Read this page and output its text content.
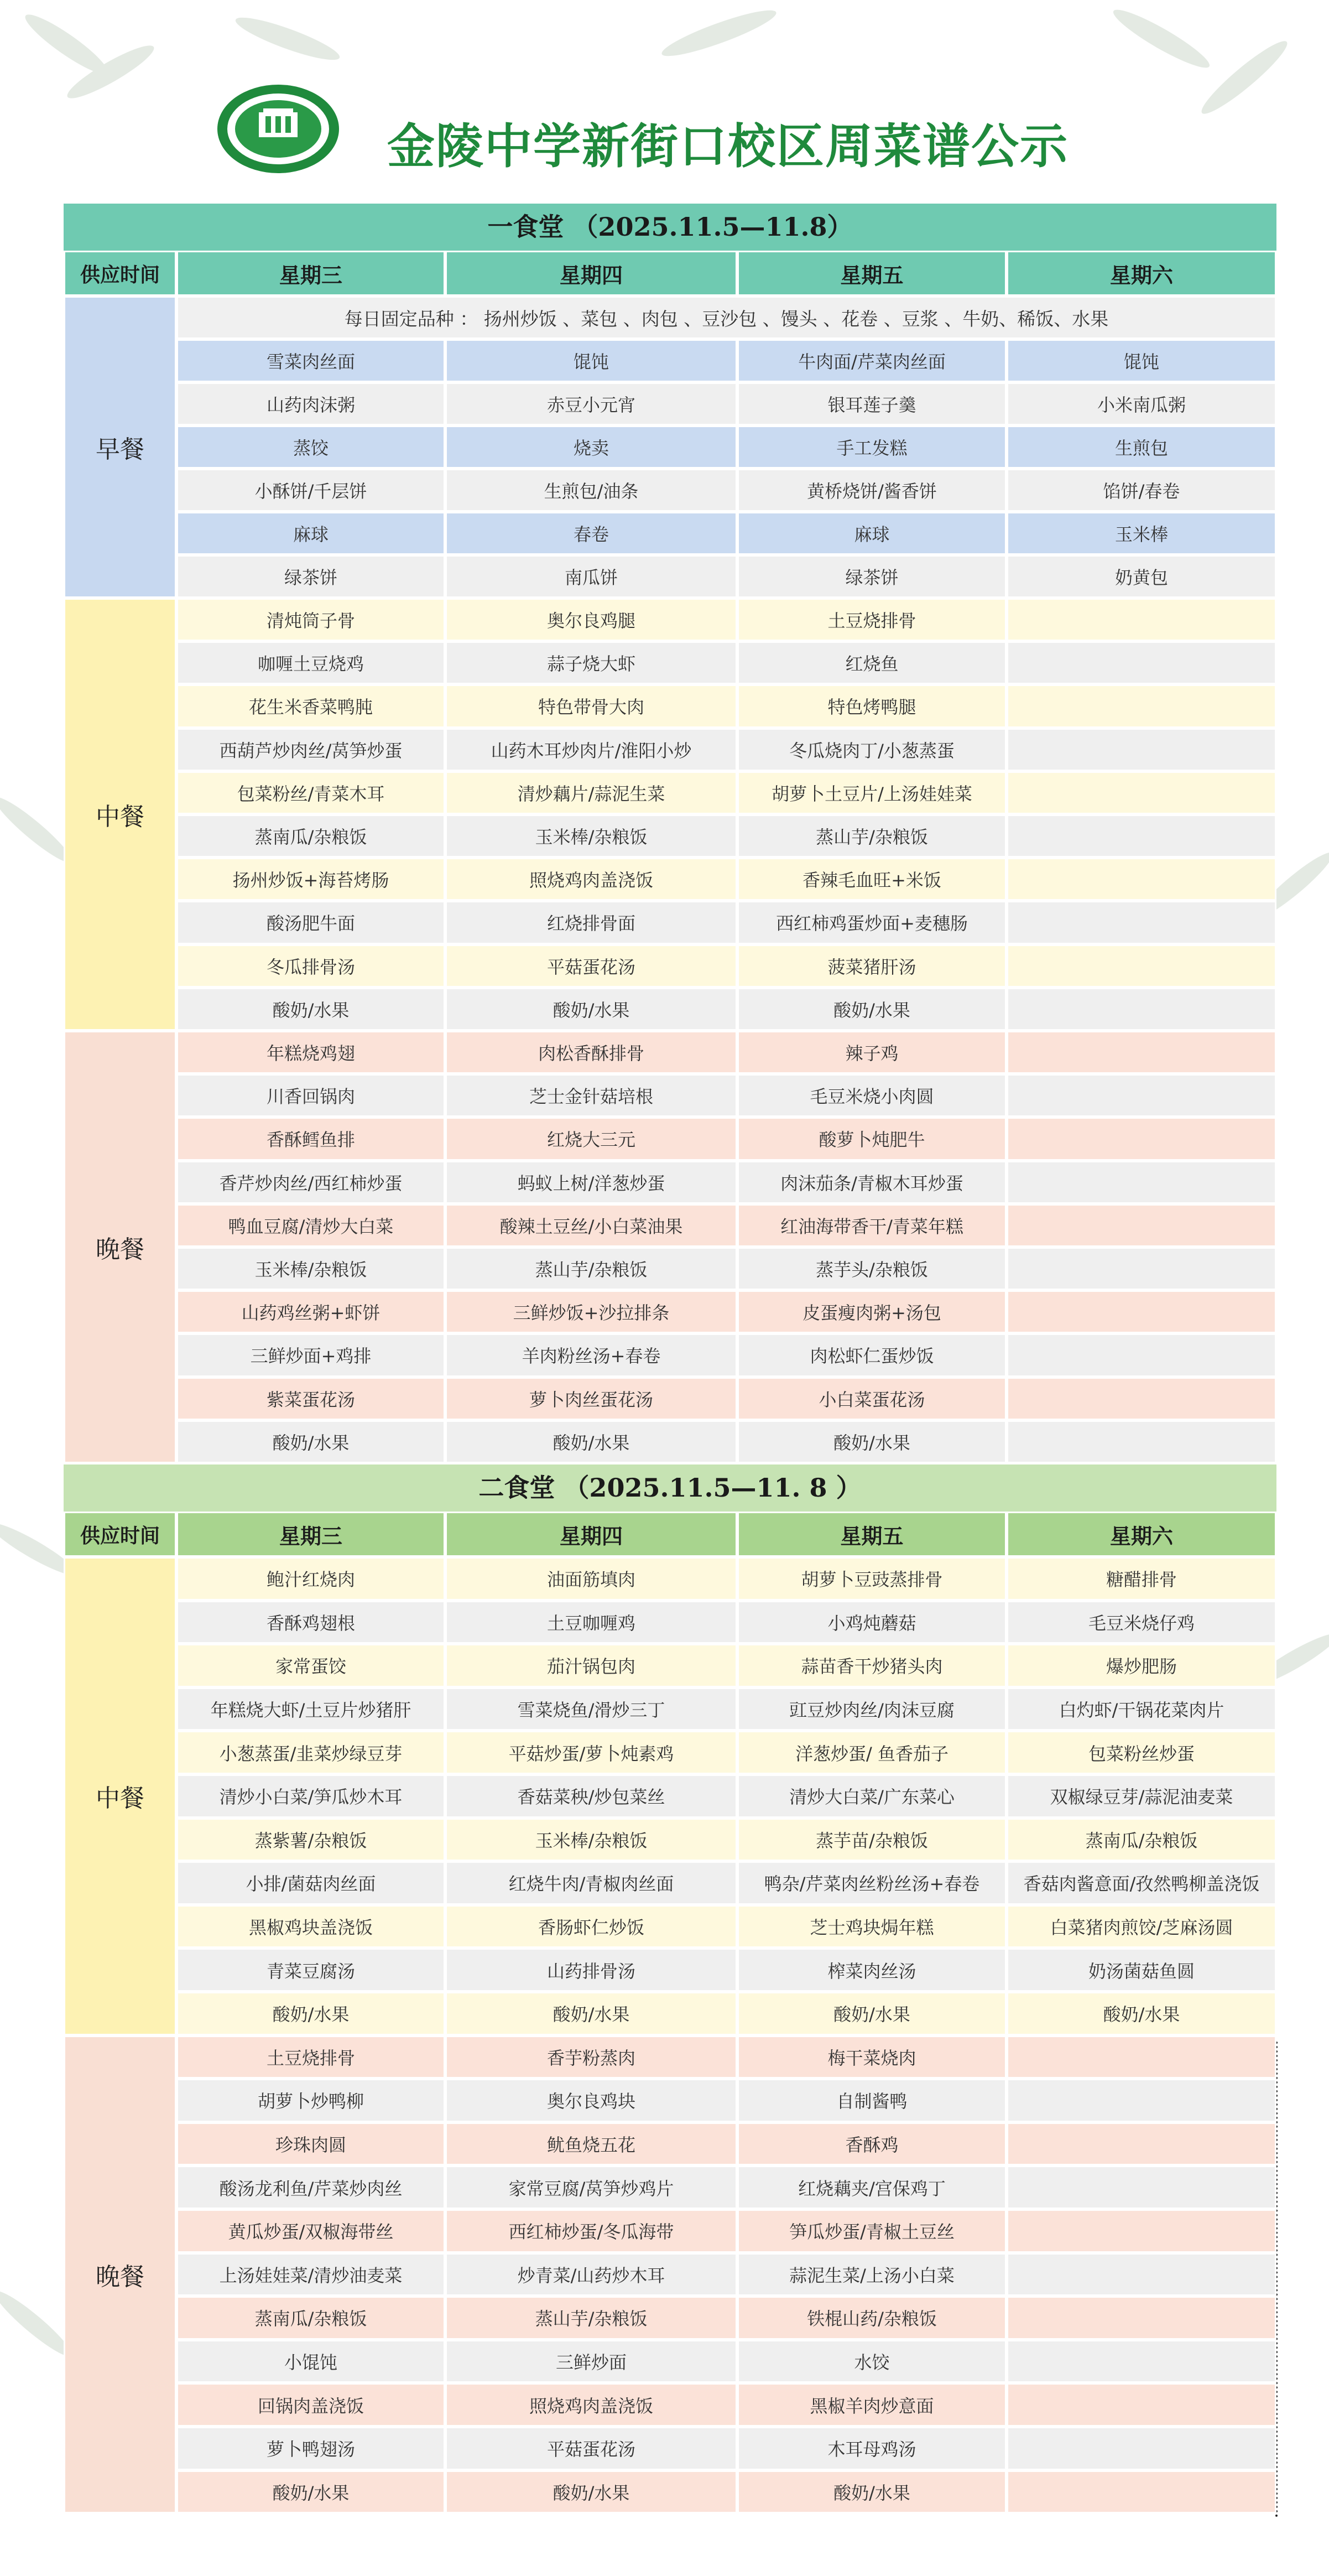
金陵中学新街口校区周菜谱公示
一食堂 （2025.11.5—11.8）
二食堂 （2025.11.5—11. 8 ）
供应时间	星期三	星期四	星期五	星期六
早餐
每日固定品种 ： 扬州炒饭 、菜包 、肉包 、豆沙包 、馒头 、花卷 、豆浆 、牛奶、稀饭、水果
雪菜肉丝面	馄饨	牛肉面/芹菜肉丝面	馄饨
山药肉沫粥	赤豆小元宵	银耳莲子羹	小米南瓜粥
蒸饺	烧卖	手工发糕	生煎包
小酥饼/千层饼	生煎包/油条	黄桥烧饼/酱香饼	馅饼/春卷
麻球	春卷	麻球	玉米棒
绿茶饼	南瓜饼	绿茶饼	奶黄包
中餐
清炖筒子骨	奥尔良鸡腿	土豆烧排骨
咖喱土豆烧鸡	蒜子烧大虾	红烧鱼
花生米香菜鸭肫	特色带骨大肉	特色烤鸭腿
西葫芦炒肉丝/莴笋炒蛋	山药木耳炒肉片/淮阳小炒	冬瓜烧肉丁/小葱蒸蛋
包菜粉丝/青菜木耳	清炒藕片/蒜泥生菜	胡萝卜土豆片/上汤娃娃菜
蒸南瓜/杂粮饭	玉米棒/杂粮饭	蒸山芋/杂粮饭
扬州炒饭+海苔烤肠	照烧鸡肉盖浇饭	香辣毛血旺+米饭
酸汤肥牛面	红烧排骨面	西红柿鸡蛋炒面+麦穗肠
冬瓜排骨汤	平菇蛋花汤	菠菜猪肝汤
酸奶/水果	酸奶/水果	酸奶/水果
晚餐
年糕烧鸡翅	肉松香酥排骨	辣子鸡
川香回锅肉	芝士金针菇培根	毛豆米烧小肉圆
香酥鳕鱼排	红烧大三元	酸萝卜炖肥牛
香芹炒肉丝/西红柿炒蛋	蚂蚁上树/洋葱炒蛋	肉沫茄条/青椒木耳炒蛋
鸭血豆腐/清炒大白菜	酸辣土豆丝/小白菜油果	红油海带香干/青菜年糕
玉米棒/杂粮饭	蒸山芋/杂粮饭	蒸芋头/杂粮饭
山药鸡丝粥+虾饼	三鲜炒饭+沙拉排条	皮蛋瘦肉粥+汤包
三鲜炒面+鸡排	羊肉粉丝汤+春卷	肉松虾仁蛋炒饭
紫菜蛋花汤	萝卜肉丝蛋花汤	小白菜蛋花汤
酸奶/水果	酸奶/水果	酸奶/水果
供应时间	星期三	星期四	星期五	星期六
中餐
鲍汁红烧肉	油面筋填肉	胡萝卜豆豉蒸排骨	糖醋排骨
香酥鸡翅根	土豆咖喱鸡	小鸡炖蘑菇	毛豆米烧仔鸡
家常蛋饺	茄汁锅包肉	蒜苗香干炒猪头肉	爆炒肥肠
年糕烧大虾/土豆片炒猪肝	雪菜烧鱼/滑炒三丁	豇豆炒肉丝/肉沫豆腐	白灼虾/干锅花菜肉片
小葱蒸蛋/韭菜炒绿豆芽	平菇炒蛋/萝卜炖素鸡	洋葱炒蛋/ 鱼香茄子	包菜粉丝炒蛋
清炒小白菜/笋瓜炒木耳	香菇菜秧/炒包菜丝	清炒大白菜/广东菜心	双椒绿豆芽/蒜泥油麦菜
蒸紫薯/杂粮饭	玉米棒/杂粮饭	蒸芋苗/杂粮饭	蒸南瓜/杂粮饭
小排/菌菇肉丝面	红烧牛肉/青椒肉丝面	鸭杂/芹菜肉丝粉丝汤+春卷	香菇肉酱意面/孜然鸭柳盖浇饭
黑椒鸡块盖浇饭	香肠虾仁炒饭	芝士鸡块焗年糕	白菜猪肉煎饺/芝麻汤圆
青菜豆腐汤	山药排骨汤	榨菜肉丝汤	奶汤菌菇鱼圆
酸奶/水果	酸奶/水果	酸奶/水果	酸奶/水果
晚餐
土豆烧排骨	香芋粉蒸肉	梅干菜烧肉
胡萝卜炒鸭柳	奥尔良鸡块	自制酱鸭
珍珠肉圆	鱿鱼烧五花	香酥鸡
酸汤龙利鱼/芹菜炒肉丝	家常豆腐/莴笋炒鸡片	红烧藕夹/宫保鸡丁
黄瓜炒蛋/双椒海带丝	西红柿炒蛋/冬瓜海带	笋瓜炒蛋/青椒土豆丝
上汤娃娃菜/清炒油麦菜	炒青菜/山药炒木耳	蒜泥生菜/上汤小白菜
蒸南瓜/杂粮饭	蒸山芋/杂粮饭	铁棍山药/杂粮饭
小馄饨	三鲜炒面	水饺
回锅肉盖浇饭	照烧鸡肉盖浇饭	黑椒羊肉炒意面
萝卜鸭翅汤	平菇蛋花汤	木耳母鸡汤
酸奶/水果	酸奶/水果	酸奶/水果
